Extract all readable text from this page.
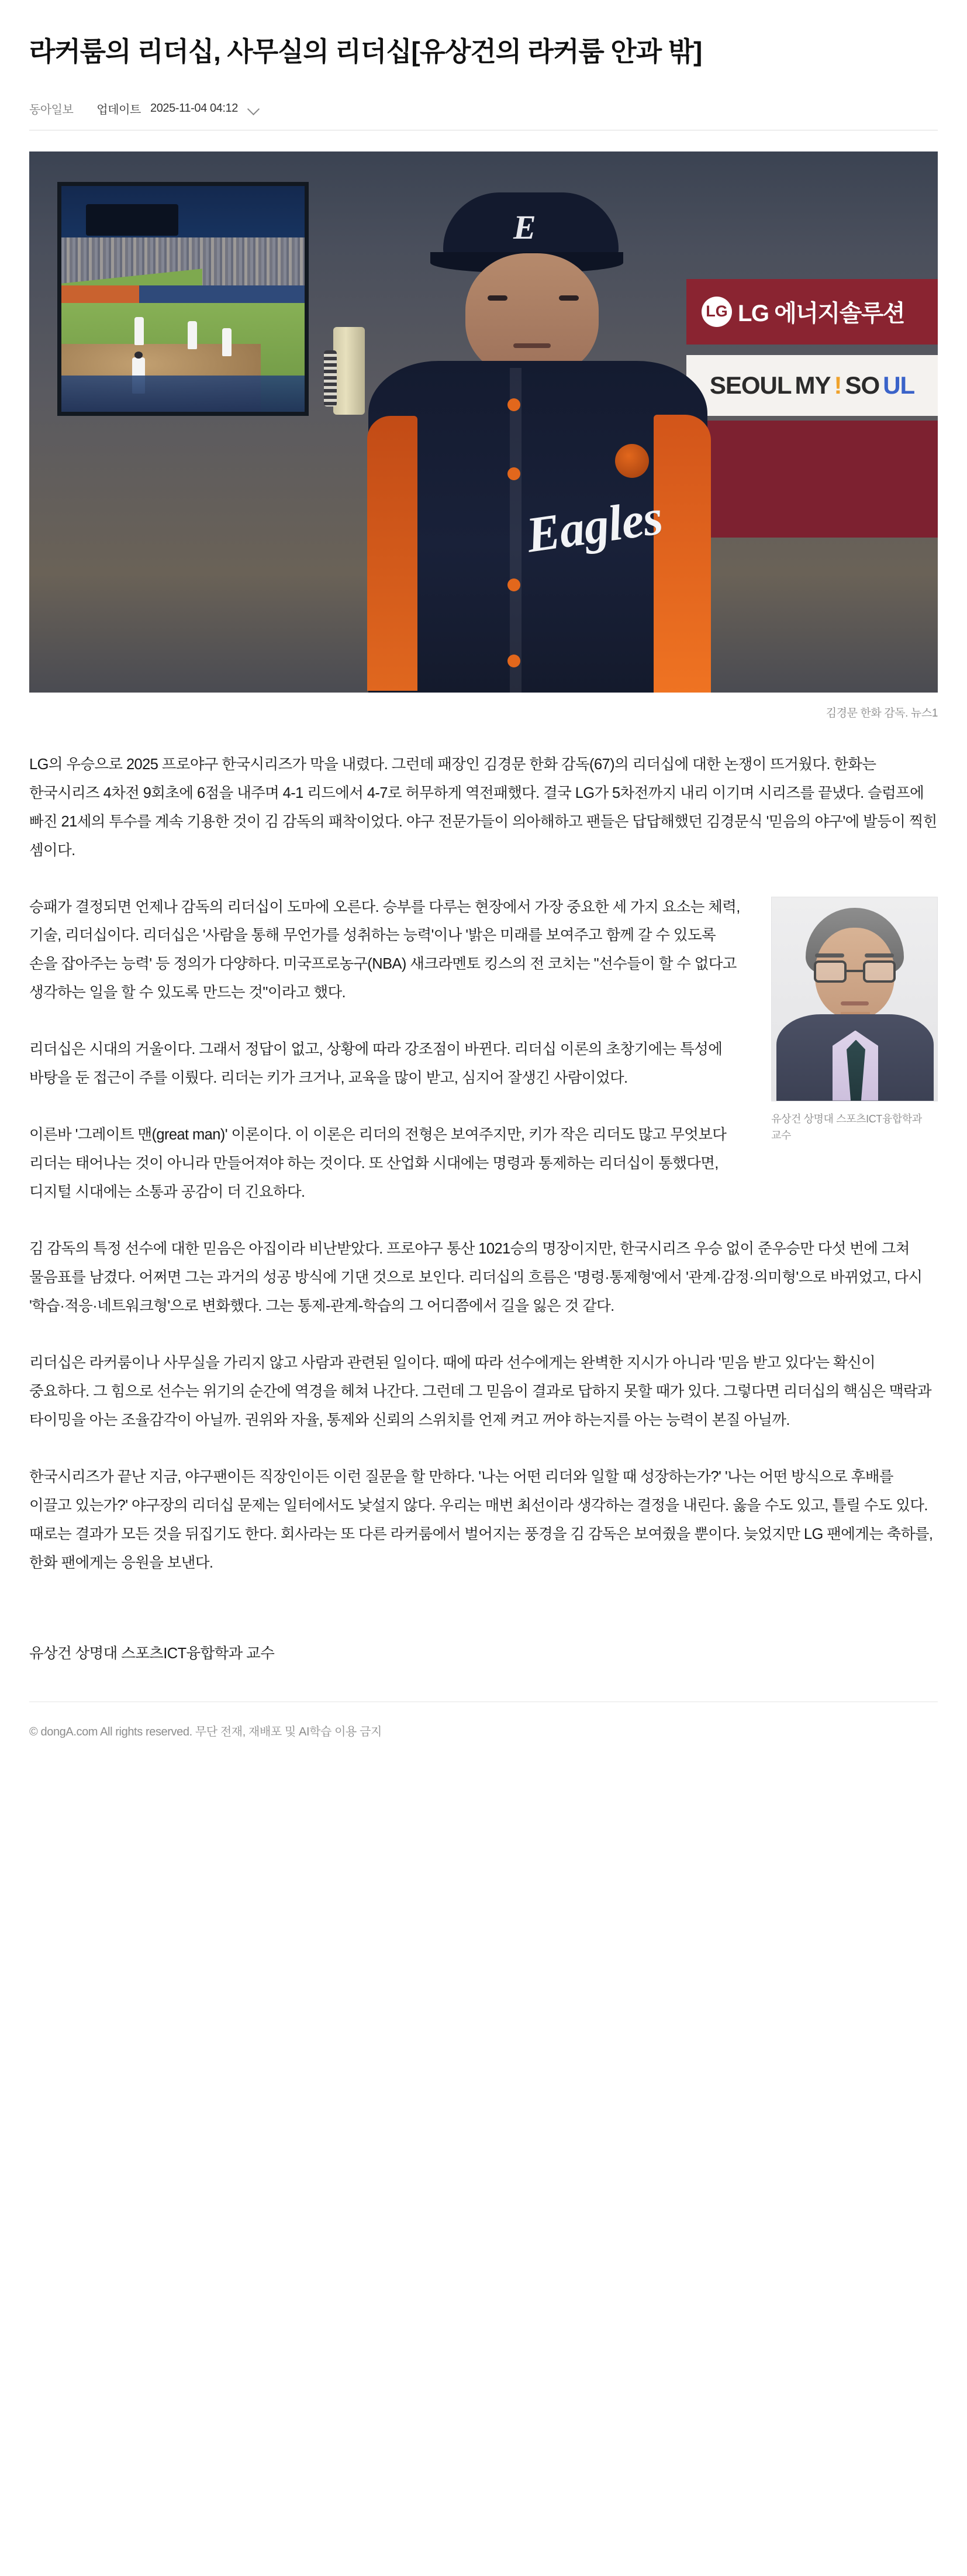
라커룸의 리더십, 사무실의 리더십[유상건의 라커룸 안과 밖]
동아일보 업데이트 2025-11-04 04:12
LG LG 에너지솔루션
SEOUL MY ! SO UL
E
Eagles
김경문 한화 감독. 뉴스1

LG의 우승으로 2025 프로야구 한국시리즈가 막을 내렸다. 그런데 패장인 김경문 한화 감독(67)의 리더십에 대한 논쟁이 뜨거웠다. 한화는 한국시리즈 4차전 9회초에 6점을 내주며 4-1 리드에서 4-7로 허무하게 역전패했다. 결국 LG가 5차전까지 내리 이기며 시리즈를 끝냈다. 슬럼프에 빠진 21세의 투수를 계속 기용한 것이 김 감독의 패착이었다. 야구 전문가들이 의아해하고 팬들은 답답해했던 김경문식 '믿음의 야구'에 발등이 찍힌 셈이다.

유상건 상명대 스포츠ICT융합학과 교수

승패가 결정되면 언제나 감독의 리더십이 도마에 오른다. 승부를 다루는 현장에서 가장 중요한 세 가지 요소는 체력, 기술, 리더십이다. 리더십은 '사람을 통해 무언가를 성취하는 능력'이나 '밝은 미래를 보여주고 함께 갈 수 있도록 손을 잡아주는 능력' 등 정의가 다양하다. 미국프로농구(NBA) 새크라멘토 킹스의 전 코치는 "선수들이 할 수 없다고 생각하는 일을 할 수 있도록 만드는 것"이라고 했다.

리더십은 시대의 거울이다. 그래서 정답이 없고, 상황에 따라 강조점이 바뀐다. 리더십 이론의 초창기에는 특성에 바탕을 둔 접근이 주를 이뤘다. 리더는 키가 크거나, 교육을 많이 받고, 심지어 잘생긴 사람이었다.

이른바 '그레이트 맨(great man)' 이론이다. 이 이론은 리더의 전형은 보여주지만, 키가 작은 리더도 많고 무엇보다 리더는 태어나는 것이 아니라 만들어져야 하는 것이다. 또 산업화 시대에는 명령과 통제하는 리더십이 통했다면, 디지털 시대에는 소통과 공감이 더 긴요하다.

김 감독의 특정 선수에 대한 믿음은 아집이라 비난받았다. 프로야구 통산 1021승의 명장이지만, 한국시리즈 우승 없이 준우승만 다섯 번에 그쳐 물음표를 남겼다. 어쩌면 그는 과거의 성공 방식에 기댄 것으로 보인다. 리더십의 흐름은 '명령·통제형'에서 '관계·감정·의미형'으로 바뀌었고, 다시 '학습·적응·네트워크형'으로 변화했다. 그는 통제-관계-학습의 그 어디쯤에서 길을 잃은 것 같다.

리더십은 라커룸이나 사무실을 가리지 않고 사람과 관련된 일이다. 때에 따라 선수에게는 완벽한 지시가 아니라 '믿음 받고 있다'는 확신이 중요하다. 그 힘으로 선수는 위기의 순간에 역경을 헤쳐 나간다. 그런데 그 믿음이 결과로 답하지 못할 때가 있다. 그렇다면 리더십의 핵심은 맥락과 타이밍을 아는 조율감각이 아닐까. 권위와 자율, 통제와 신뢰의 스위치를 언제 켜고 꺼야 하는지를 아는 능력이 본질 아닐까.

한국시리즈가 끝난 지금, 야구팬이든 직장인이든 이런 질문을 할 만하다. '나는 어떤 리더와 일할 때 성장하는가?' '나는 어떤 방식으로 후배를 이끌고 있는가?' 야구장의 리더십 문제는 일터에서도 낯설지 않다. 우리는 매번 최선이라 생각하는 결정을 내린다. 옳을 수도 있고, 틀릴 수도 있다. 때로는 결과가 모든 것을 뒤집기도 한다. 회사라는 또 다른 라커룸에서 벌어지는 풍경을 김 감독은 보여줬을 뿐이다. 늦었지만 LG 팬에게는 축하를, 한화 팬에게는 응원을 보낸다.

유상건 상명대 스포츠ICT융합학과 교수
© dongA.com All rights reserved. 무단 전재, 재배포 및 AI학습 이용 금지
